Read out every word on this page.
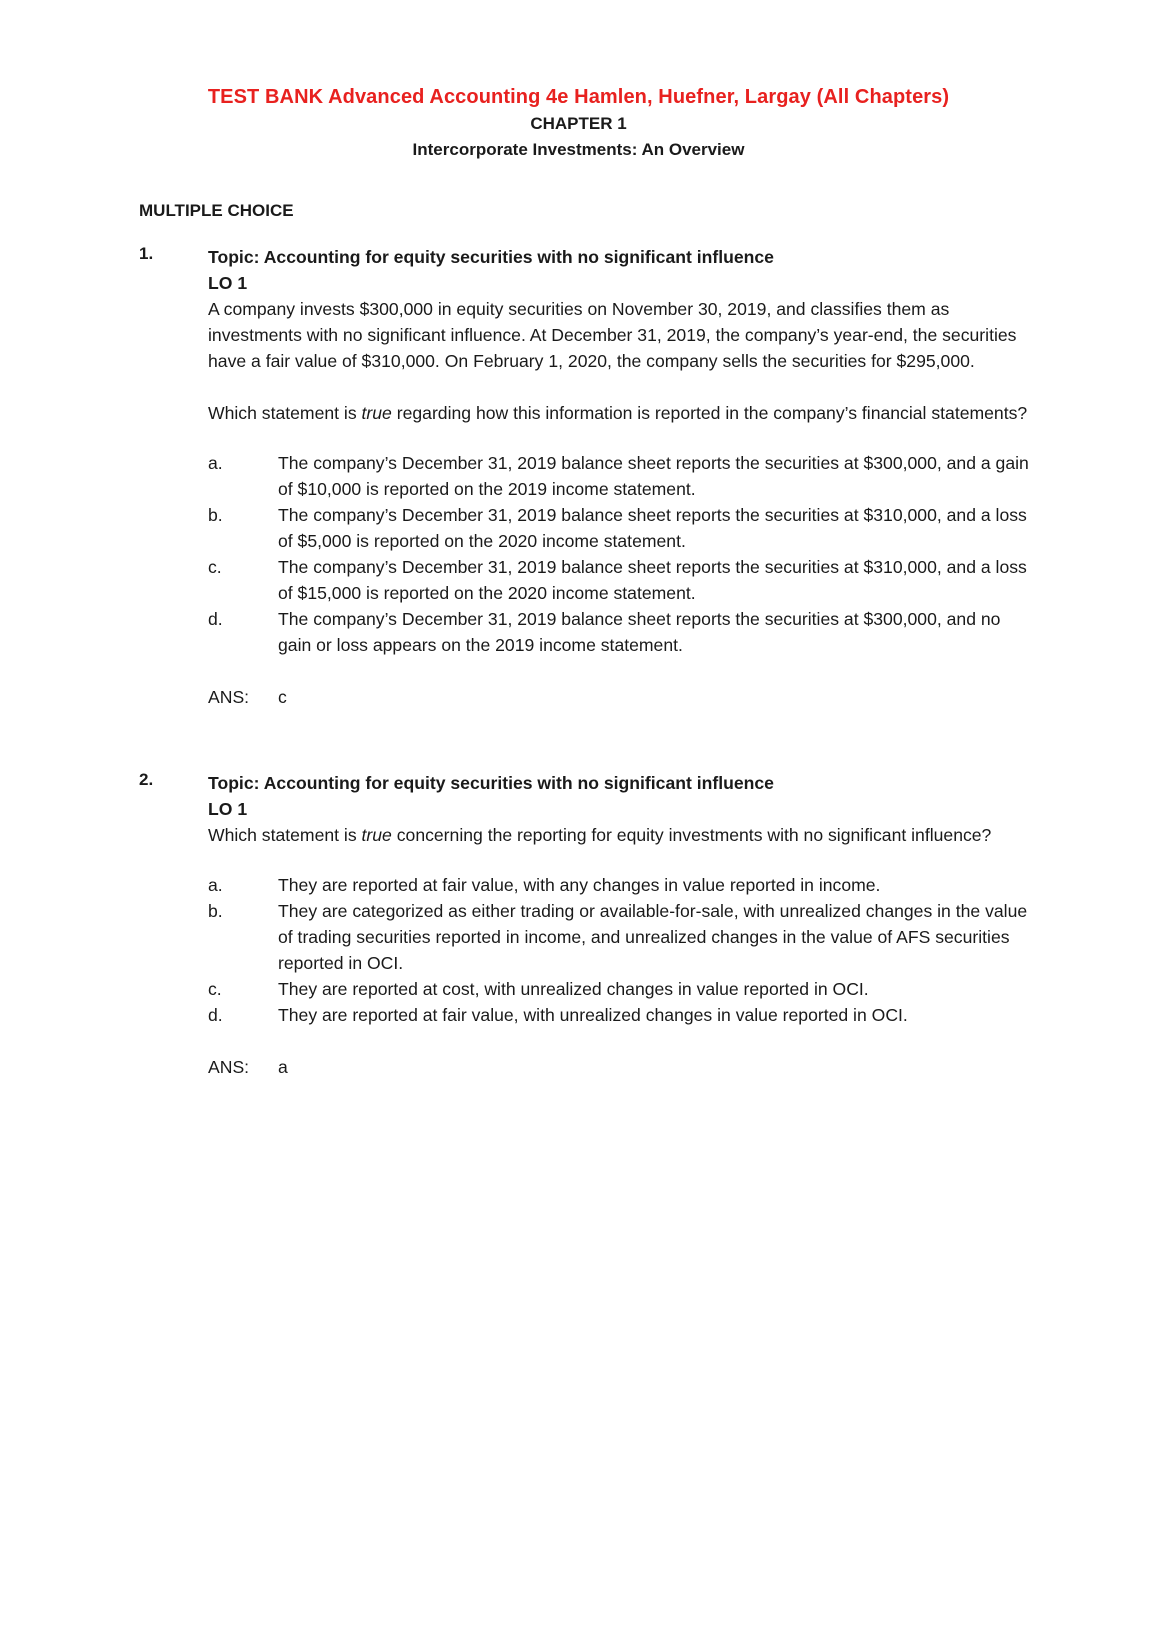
TEST BANK Advanced Accounting 4e Hamlen, Huefner, Largay (All Chapters)
CHAPTER 1
Intercorporate Investments: An Overview
MULTIPLE CHOICE
1.	Topic: Accounting for equity securities with no significant influence
LO 1
A company invests $300,000 in equity securities on November 30, 2019, and classifies them as investments with no significant influence. At December 31, 2019, the company’s year-end, the securities have a fair value of $310,000. On February 1, 2020, the company sells the securities for $295,000.
Which statement is true regarding how this information is reported in the company’s financial statements?
a.	The company’s December 31, 2019 balance sheet reports the securities at $300,000, and a gain of $10,000 is reported on the 2019 income statement.
b.	The company’s December 31, 2019 balance sheet reports the securities at $310,000, and a loss of $5,000 is reported on the 2020 income statement.
c.	The company’s December 31, 2019 balance sheet reports the securities at $310,000, and a loss of $15,000 is reported on the 2020 income statement.
d.	The company’s December 31, 2019 balance sheet reports the securities at $300,000, and no gain or loss appears on the 2019 income statement.
ANS:	c
2.	Topic: Accounting for equity securities with no significant influence
LO 1
Which statement is true concerning the reporting for equity investments with no significant influence?
a.	They are reported at fair value, with any changes in value reported in income.
b.	They are categorized as either trading or available-for-sale, with unrealized changes in the value of trading securities reported in income, and unrealized changes in the value of AFS securities reported in OCI.
c.	They are reported at cost, with unrealized changes in value reported in OCI.
d.	They are reported at fair value, with unrealized changes in value reported in OCI.
ANS:	a
